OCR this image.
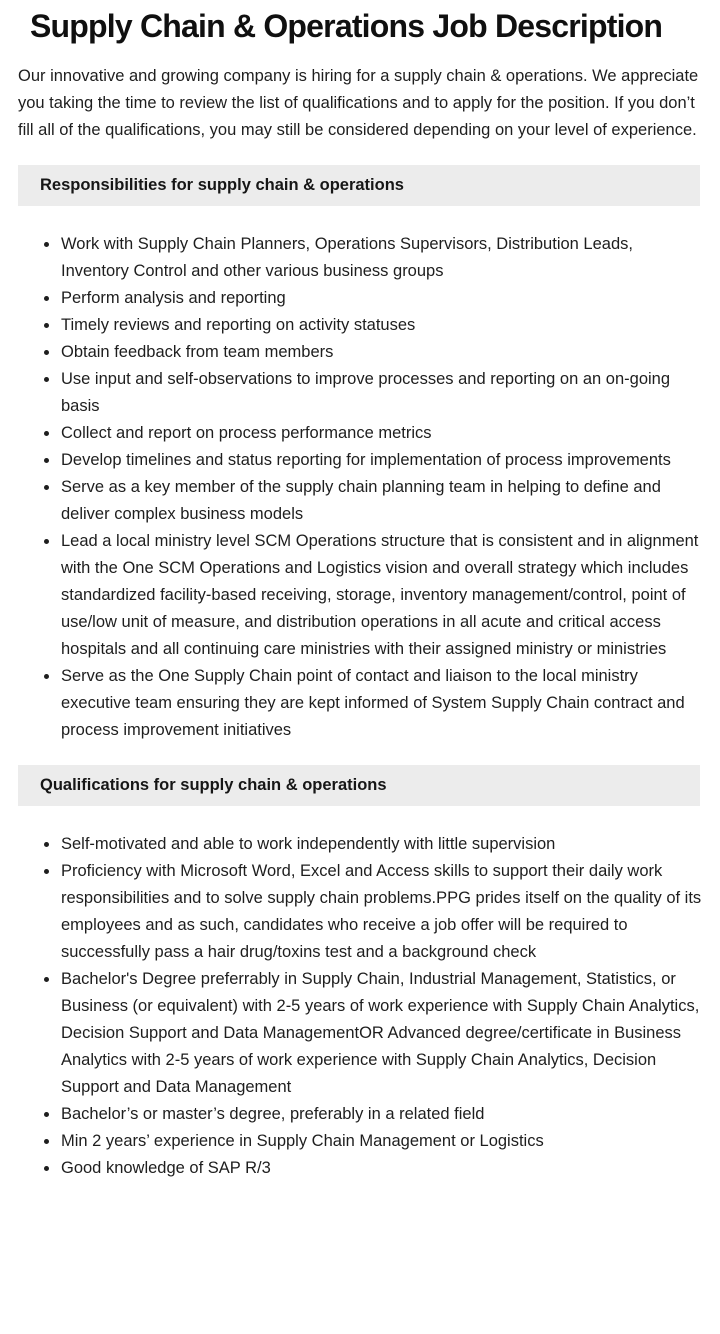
Supply Chain & Operations Job Description

Our innovative and growing company is hiring for a supply chain & operations. We appreciate you taking the time to review the list of qualifications and to apply for the position. If you don’t fill all of the qualifications, you may still be considered depending on your level of experience.

Responsibilities for supply chain & operations
• Work with Supply Chain Planners, Operations Supervisors, Distribution Leads, Inventory Control and other various business groups
• Perform analysis and reporting
• Timely reviews and reporting on activity statuses
• Obtain feedback from team members
• Use input and self-observations to improve processes and reporting on an on-going basis
• Collect and report on process performance metrics
• Develop timelines and status reporting for implementation of process improvements
• Serve as a key member of the supply chain planning team in helping to define and deliver complex business models
• Lead a local ministry level SCM Operations structure that is consistent and in alignment with the One SCM Operations and Logistics vision and overall strategy which includes standardized facility-based receiving, storage, inventory management/control, point of use/low unit of measure, and distribution operations in all acute and critical access hospitals and all continuing care ministries with their assigned ministry or ministries
• Serve as the One Supply Chain point of contact and liaison to the local ministry executive team ensuring they are kept informed of System Supply Chain contract and process improvement initiatives
Qualifications for supply chain & operations
• Self-motivated and able to work independently with little supervision
• Proficiency with Microsoft Word, Excel and Access skills to support their daily work responsibilities and to solve supply chain problems.PPG prides itself on the quality of its employees and as such, candidates who receive a job offer will be required to successfully pass a hair drug/toxins test and a background check
• Bachelor's Degree preferrably in Supply Chain, Industrial Management, Statistics, or Business (or equivalent) with 2-5 years of work experience with Supply Chain Analytics, Decision Support and Data ManagementOR Advanced degree/certificate in Business Analytics with 2-5 years of work experience with Supply Chain Analytics, Decision Support and Data Management
• Bachelor’s or master’s degree, preferably in a related field
• Min 2 years’ experience in Supply Chain Management or Logistics
• Good knowledge of SAP R/3
